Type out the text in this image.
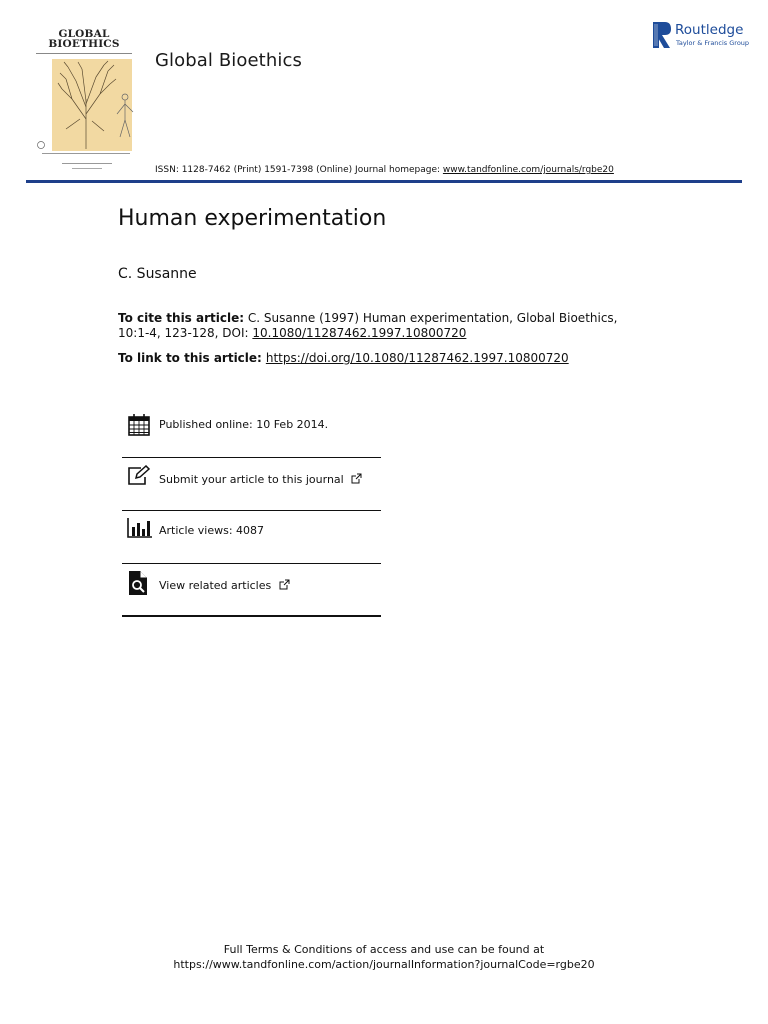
GLOBAL
BIOETHICS
Global Bioethics
Routledge
Taylor & Francis Group
ISSN: 1128-7462 (Print) 1591-7398 (Online) Journal homepage: www.tandfonline.com/journals/rgbe20
Human experimentation
C. Susanne
To cite this article: C. Susanne (1997) Human experimentation, Global Bioethics, 10:1-4, 123-128, DOI: 10.1080/11287462.1997.10800720
To link to this article: https://doi.org/10.1080/11287462.1997.10800720
Published online: 10 Feb 2014.
Submit your article to this journal
Article views: 4087
View related articles
Full Terms & Conditions of access and use can be found at
https://www.tandfonline.com/action/journalInformation?journalCode=rgbe20
